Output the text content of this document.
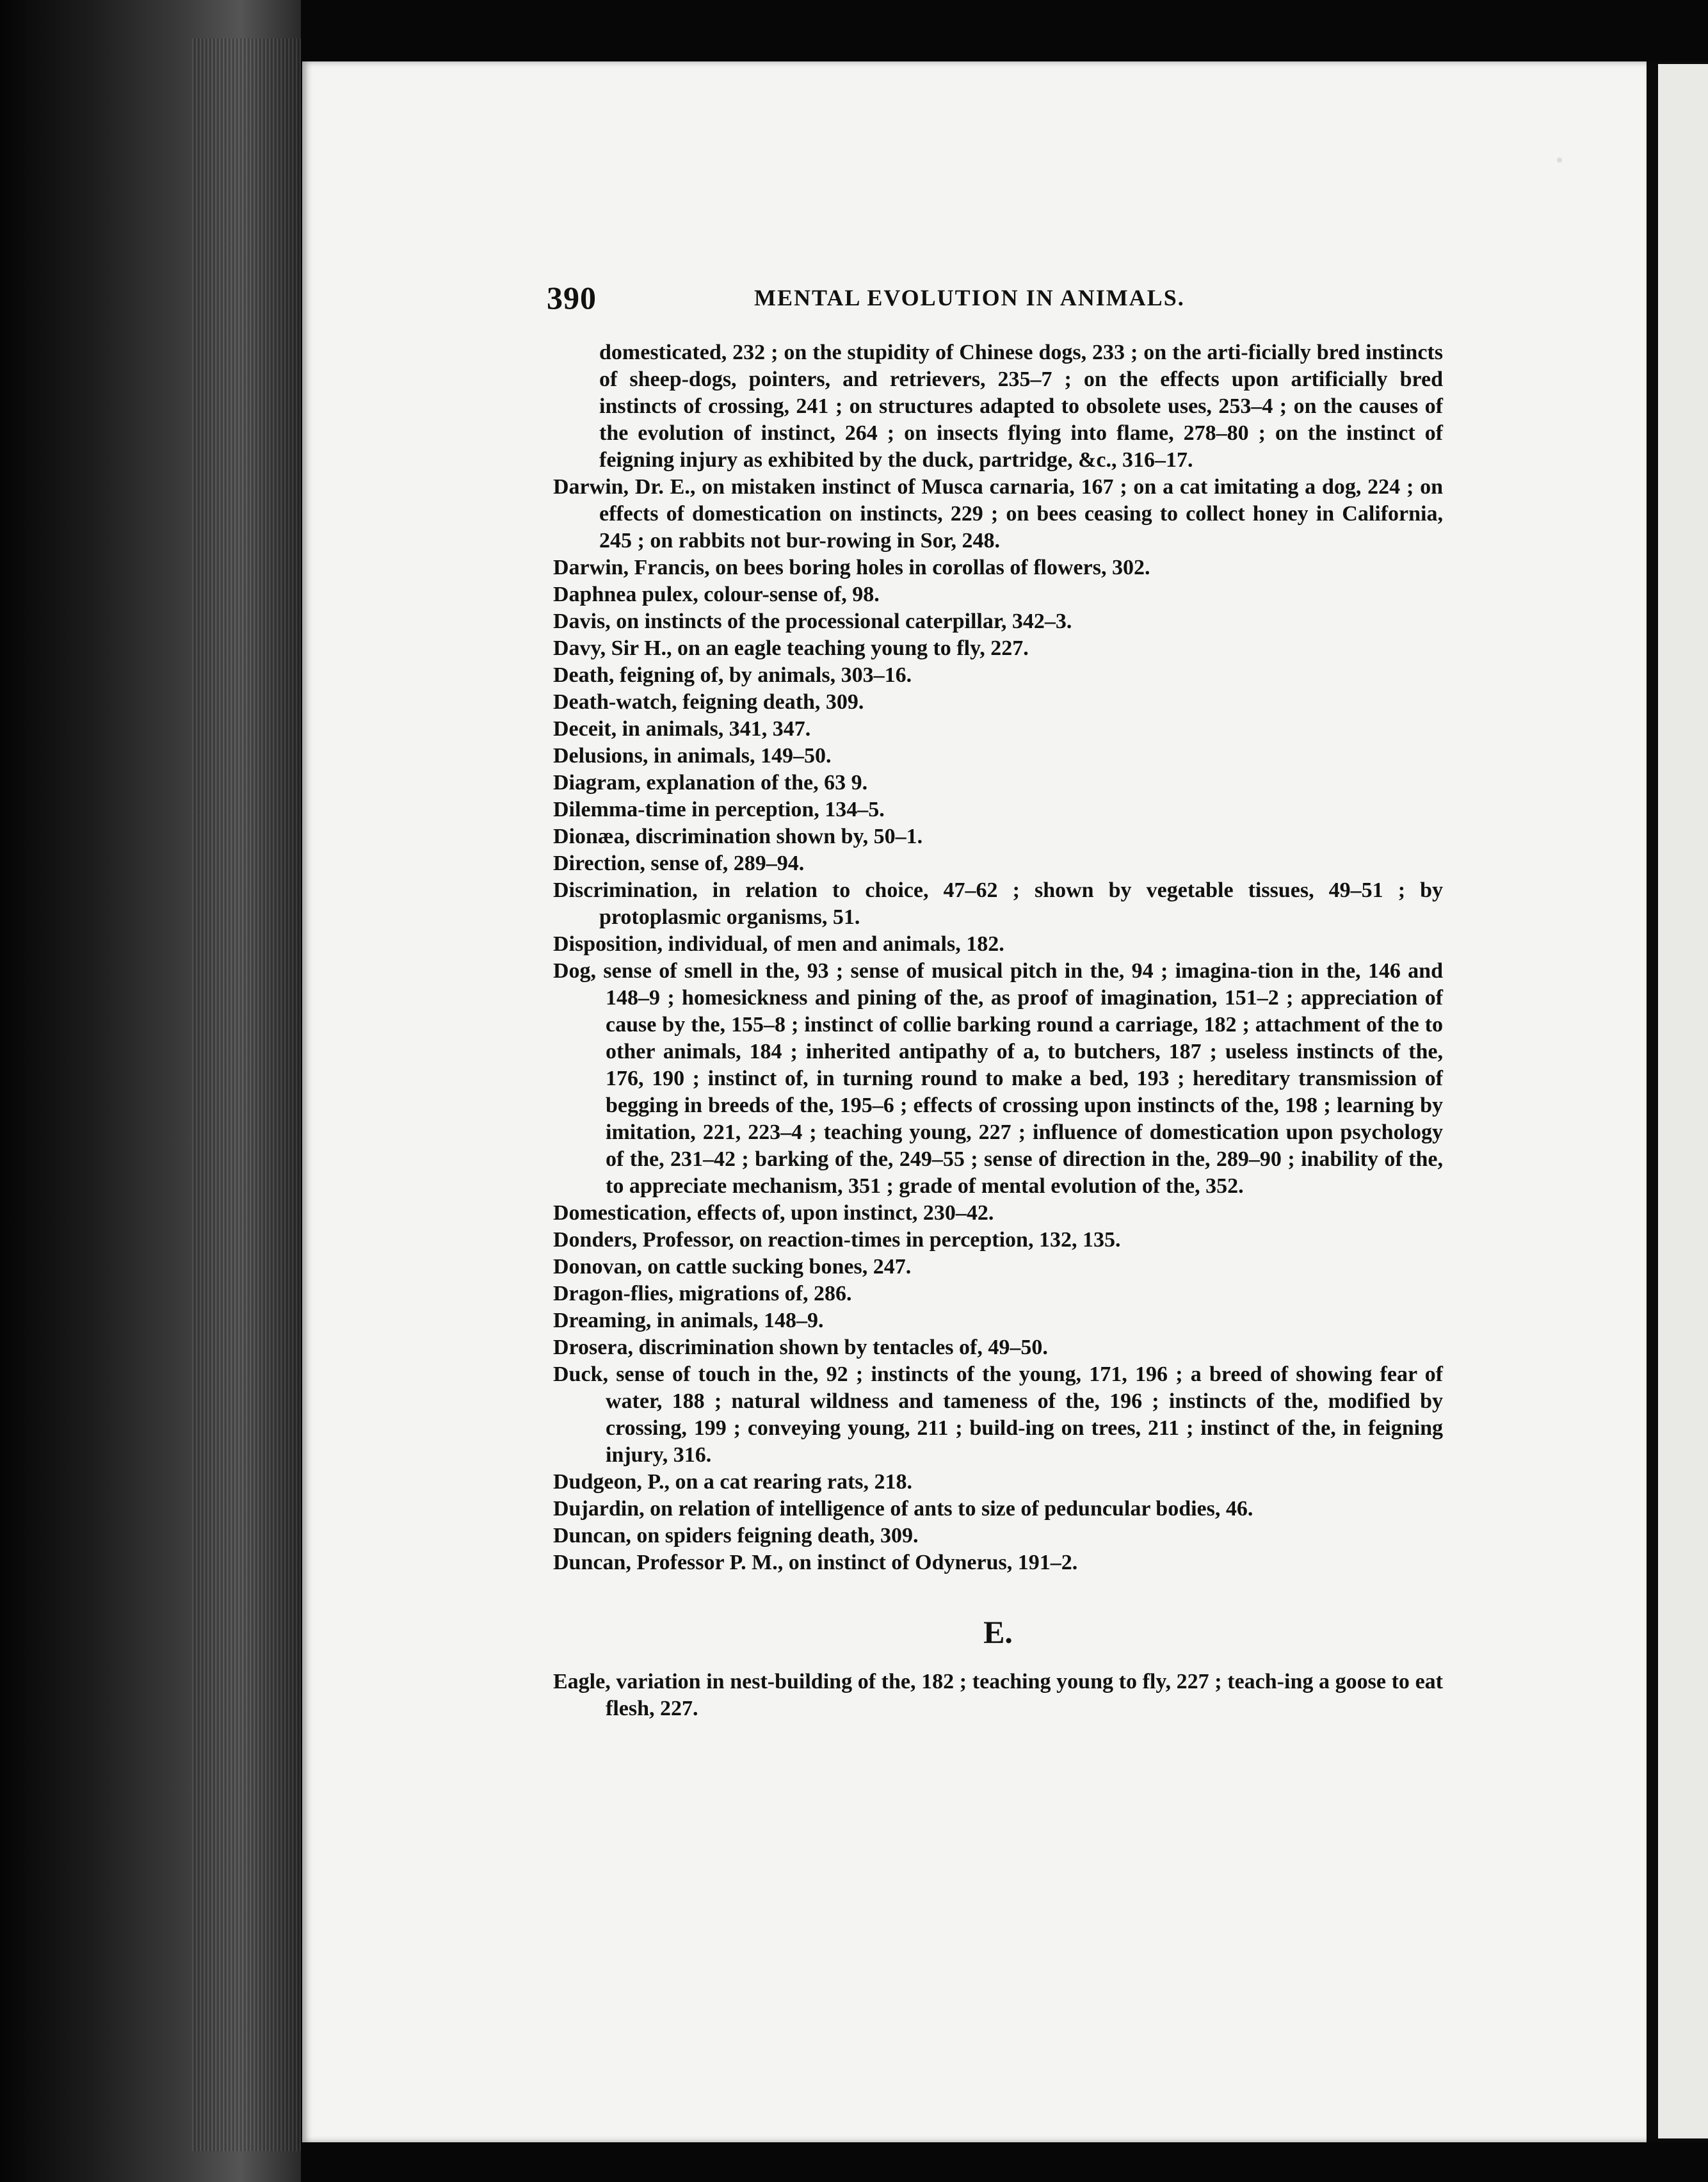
390	MENTAL EVOLUTION IN ANIMALS.

domesticated, 232 ; on the stupidity of Chinese dogs, 233 ; on the arti-ficially bred instincts of sheep-dogs, pointers, and retrievers, 235–7 ; on the effects upon artificially bred instincts of crossing, 241 ; on structures adapted to obsolete uses, 253–4 ; on the causes of the evolution of instinct, 264 ; on insects flying into flame, 278–80 ; on the instinct of feigning injury as exhibited by the duck, partridge, &c., 316–17.

Darwin, Dr. E., on mistaken instinct of Musca carnaria, 167 ; on a cat imitating a dog, 224 ; on effects of domestication on instincts, 229 ; on bees ceasing to collect honey in California, 245 ; on rabbits not bur-rowing in Sor, 248.

Darwin, Francis, on bees boring holes in corollas of flowers, 302.

Daphnea pulex, colour-sense of, 98.

Davis, on instincts of the processional caterpillar, 342–3.

Davy, Sir H., on an eagle teaching young to fly, 227.

Death, feigning of, by animals, 303–16.

Death-watch, feigning death, 309.

Deceit, in animals, 341, 347.

Delusions, in animals, 149–50.

Diagram, explanation of the, 63 9.

Dilemma-time in perception, 134–5.

Dionæa, discrimination shown by, 50–1.

Direction, sense of, 289–94.

Discrimination, in relation to choice, 47–62 ; shown by vegetable tissues, 49–51 ; by protoplasmic organisms, 51.

Disposition, individual, of men and animals, 182.

Dog, sense of smell in the, 93 ; sense of musical pitch in the, 94 ; imagina-tion in the, 146 and 148–9 ; homesickness and pining of the, as proof of imagination, 151–2 ; appreciation of cause by the, 155–8 ; instinct of collie barking round a carriage, 182 ; attachment of the to other animals, 184 ; inherited antipathy of a, to butchers, 187 ; useless instincts of the, 176, 190 ; instinct of, in turning round to make a bed, 193 ; hereditary transmission of begging in breeds of the, 195–6 ; effects of crossing upon instincts of the, 198 ; learning by imitation, 221, 223–4 ; teaching young, 227 ; influence of domestication upon psychology of the, 231–42 ; barking of the, 249–55 ; sense of direction in the, 289–90 ; inability of the, to appreciate mechanism, 351 ; grade of mental evolution of the, 352.

Domestication, effects of, upon instinct, 230–42.

Donders, Professor, on reaction-times in perception, 132, 135.

Donovan, on cattle sucking bones, 247.

Dragon-flies, migrations of, 286.

Dreaming, in animals, 148–9.

Drosera, discrimination shown by tentacles of, 49–50.

Duck, sense of touch in the, 92 ; instincts of the young, 171, 196 ; a breed of showing fear of water, 188 ; natural wildness and tameness of the, 196 ; instincts of the, modified by crossing, 199 ; conveying young, 211 ; build-ing on trees, 211 ; instinct of the, in feigning injury, 316.

Dudgeon, P., on a cat rearing rats, 218.

Dujardin, on relation of intelligence of ants to size of peduncular bodies, 46.

Duncan, on spiders feigning death, 309.

Duncan, Professor P. M., on instinct of Odynerus, 191–2.

E.

Eagle, variation in nest-building of the, 182 ; teaching young to fly, 227 ; teach-ing a goose to eat flesh, 227.
